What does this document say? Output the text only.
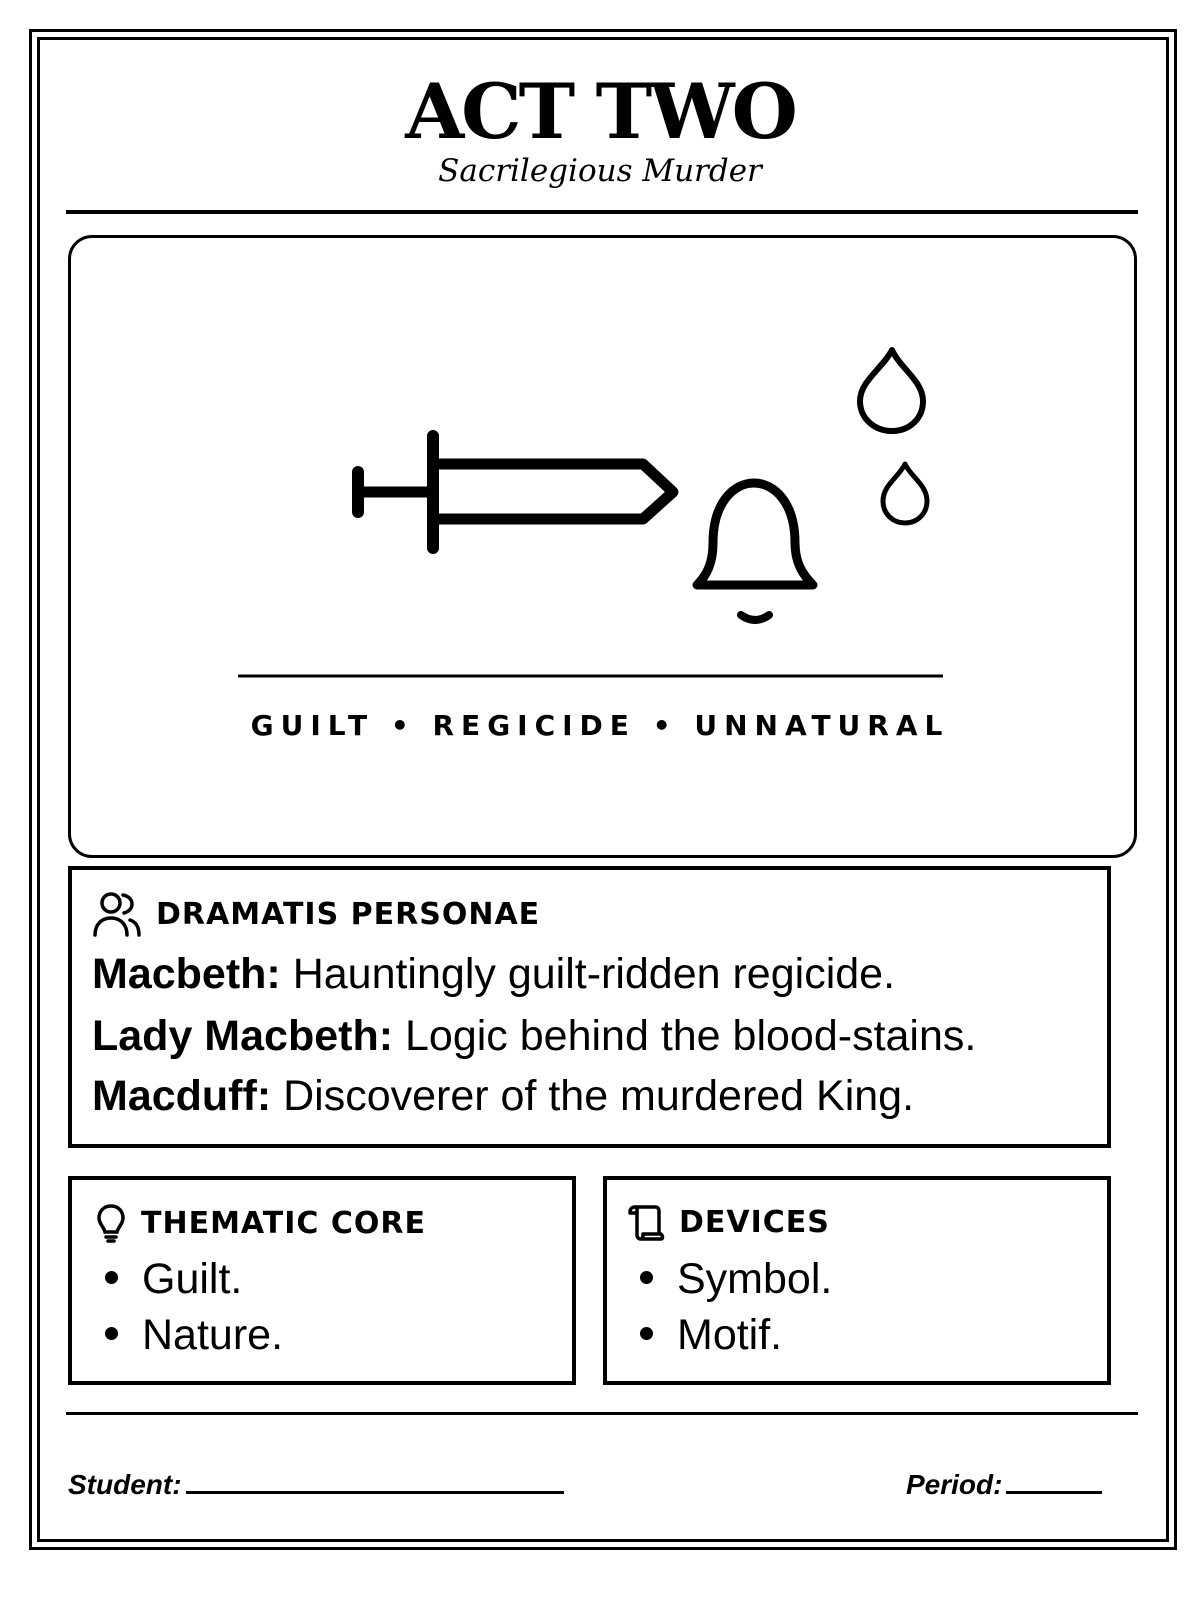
ACT TWO
Sacrilegious Murder
GUILT • REGICIDE • UNNATURAL
DRAMATIS PERSONAE
Macbeth: Hauntingly guilt-ridden regicide.
Lady Macbeth: Logic behind the blood-stains.
Macduff: Discoverer of the murdered King.
THEMATIC CORE
Guilt.
Nature.
DEVICES
Symbol.
Motif.
Student:	Period:
